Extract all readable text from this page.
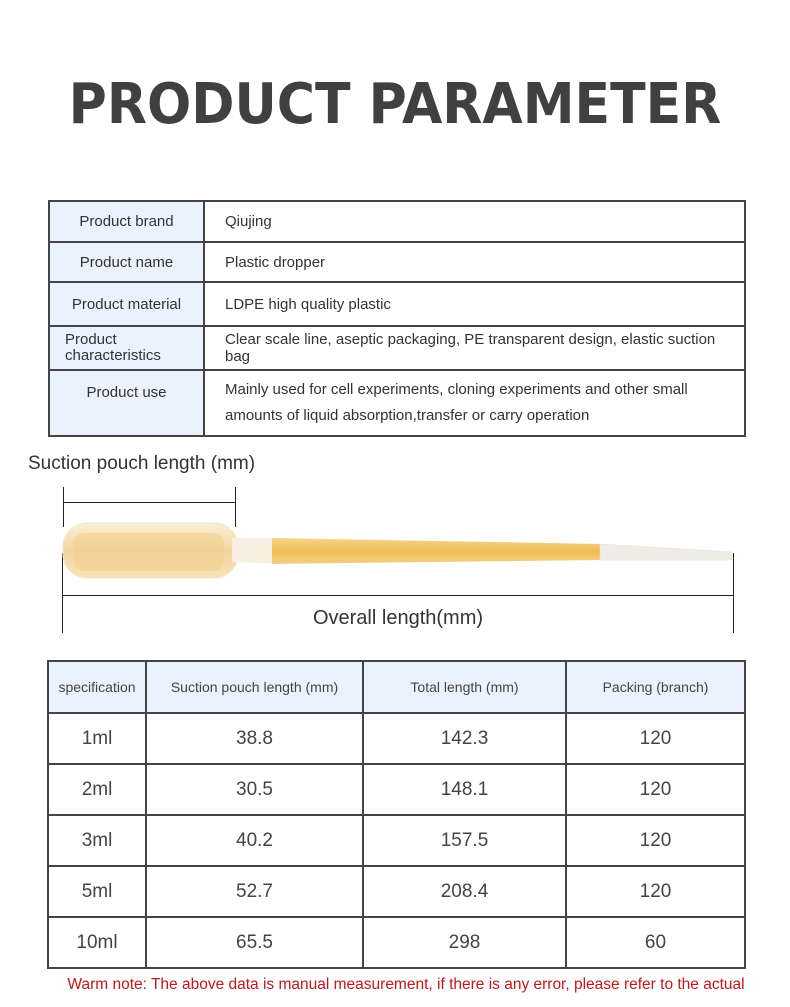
PRODUCT PARAMETER
Product brand	Qiujing
Product name	Plastic dropper
Product material	LDPE high quality plastic

Product
characteristics	Clear scale line, aseptic packaging, PE transparent design, elastic suction bag
Product use	Mainly used for cell experiments, cloning experiments and other small
amounts of liquid absorption,transfer or carry operation
Suction pouch length (mm)
Overall length(mm)
specification	Suction pouch length (mm)	Total length (mm)	Packing (branch)
1ml	38.8	142.3	120
2ml	30.5	148.1	120
3ml	40.2	157.5	120
5ml	52.7	208.4	120
10ml	65.5	298	60
Warm note: The above data is manual measurement, if there is any error, please refer to the actual
